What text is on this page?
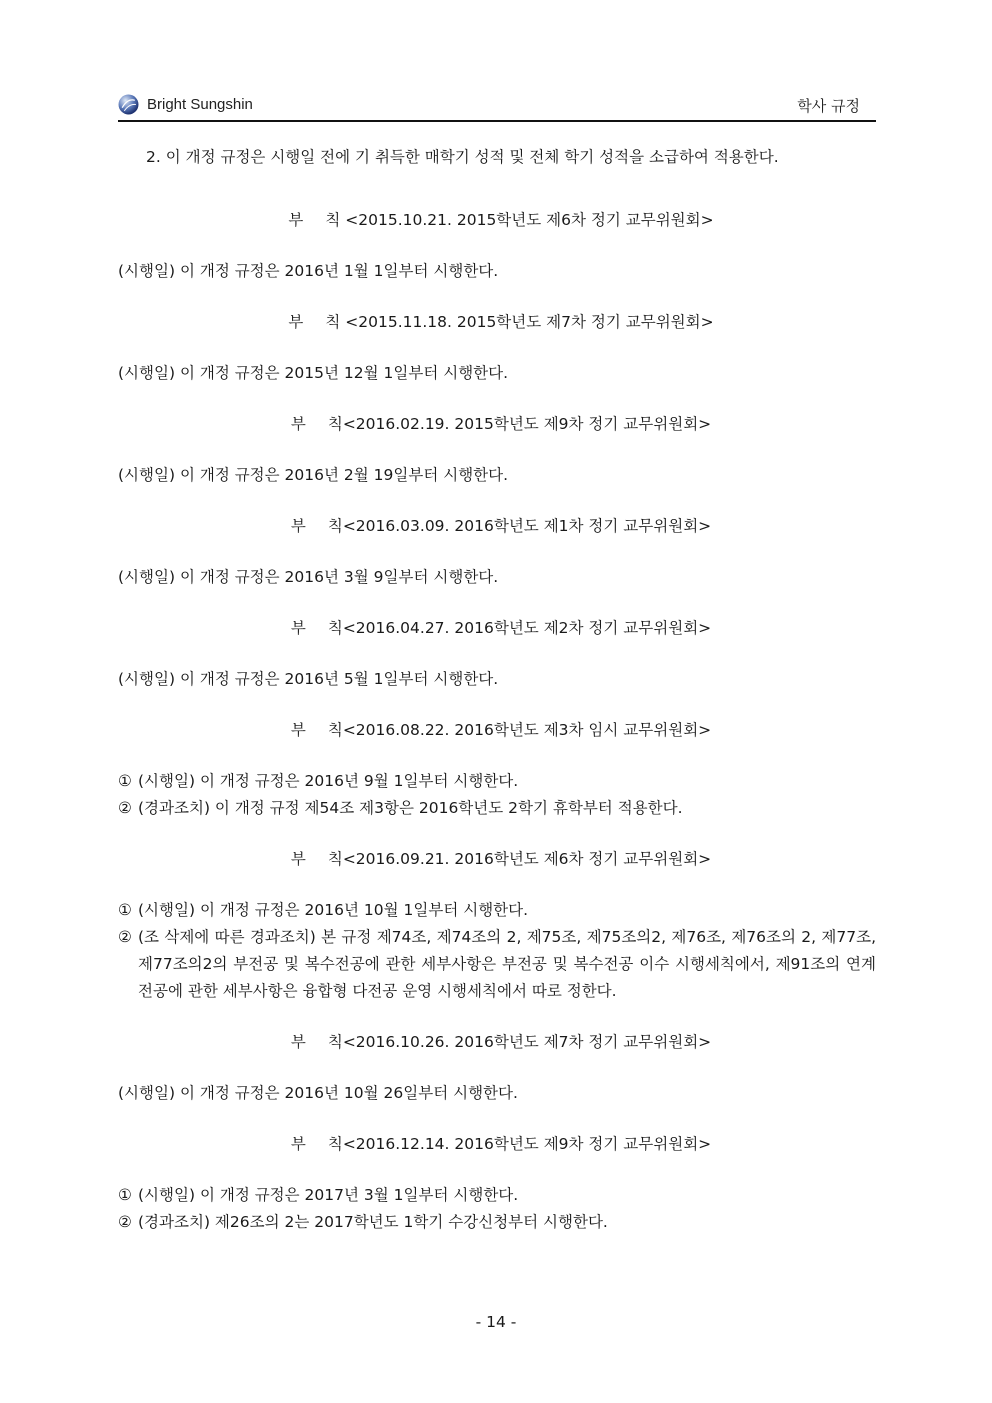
Bright Sungshin	학사 규정
2. 이 개정 규정은 시행일 전에 기 취득한 매학기 성적 및 전체 학기 성적을 소급하여 적용한다.
부 칙 <2015.10.21. 2015학년도 제6차 정기 교무위원회>
(시행일) 이 개정 규정은 2016년 1월 1일부터 시행한다.
부 칙 <2015.11.18. 2015학년도 제7차 정기 교무위원회>
(시행일) 이 개정 규정은 2015년 12월 1일부터 시행한다.
부 칙<2016.02.19. 2015학년도 제9차 정기 교무위원회>
(시행일) 이 개정 규정은 2016년 2월 19일부터 시행한다.
부 칙<2016.03.09. 2016학년도 제1차 정기 교무위원회>
(시행일) 이 개정 규정은 2016년 3월 9일부터 시행한다.
부 칙<2016.04.27. 2016학년도 제2차 정기 교무위원회>
(시행일) 이 개정 규정은 2016년 5월 1일부터 시행한다.
부 칙<2016.08.22. 2016학년도 제3차 임시 교무위원회>
① (시행일) 이 개정 규정은 2016년 9월 1일부터 시행한다.
② (경과조치) 이 개정 규정 제54조 제3항은 2016학년도 2학기 휴학부터 적용한다.
부 칙<2016.09.21. 2016학년도 제6차 정기 교무위원회>
① (시행일) 이 개정 규정은 2016년 10월 1일부터 시행한다.
② (조 삭제에 따른 경과조치) 본 규정 제74조, 제74조의 2, 제75조, 제75조의2, 제76조, 제76조의 2, 제77조, 제77조의2의 부전공 및 복수전공에 관한 세부사항은 부전공 및 복수전공 이수 시행세칙에서, 제91조의 연계전공에 관한 세부사항은 융합형 다전공 운영 시행세칙에서 따로 정한다.
부 칙<2016.10.26. 2016학년도 제7차 정기 교무위원회>
(시행일) 이 개정 규정은 2016년 10월 26일부터 시행한다.
부 칙<2016.12.14. 2016학년도 제9차 정기 교무위원회>
① (시행일) 이 개정 규정은 2017년 3월 1일부터 시행한다.
② (경과조치) 제26조의 2는 2017학년도 1학기 수강신청부터 시행한다.
- 14 -
